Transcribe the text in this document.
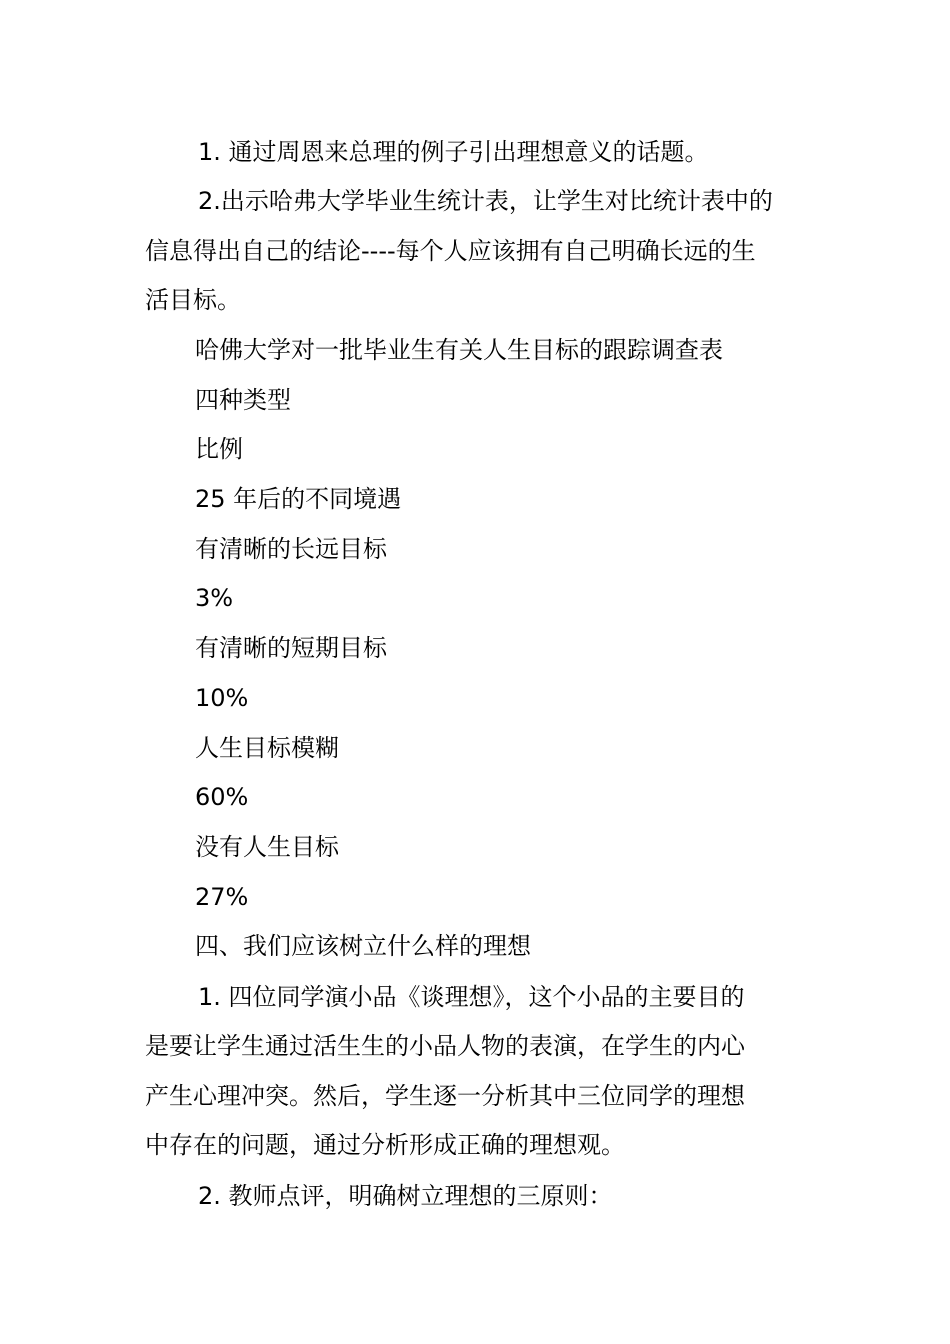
1. 通过周恩来总理的例子引出理想意义的话题。
2.出示哈弗大学毕业生统计表，让学生对比统计表中的
信息得出自己的结论----每个人应该拥有自己明确长远的生
活目标。
哈佛大学对一批毕业生有关人生目标的跟踪调查表
四种类型
比例
25 年后的不同境遇
有清晰的长远目标
3%
有清晰的短期目标
10%
人生目标模糊
60%
没有人生目标
27%
四、我们应该树立什么样的理想
1. 四位同学演小品《谈理想》，这个小品的主要目的
是要让学生通过活生生的小品人物的表演，在学生的内心
产生心理冲突。然后，学生逐一分析其中三位同学的理想
中存在的问题，通过分析形成正确的理想观。
2. 教师点评，明确树立理想的三原则：
